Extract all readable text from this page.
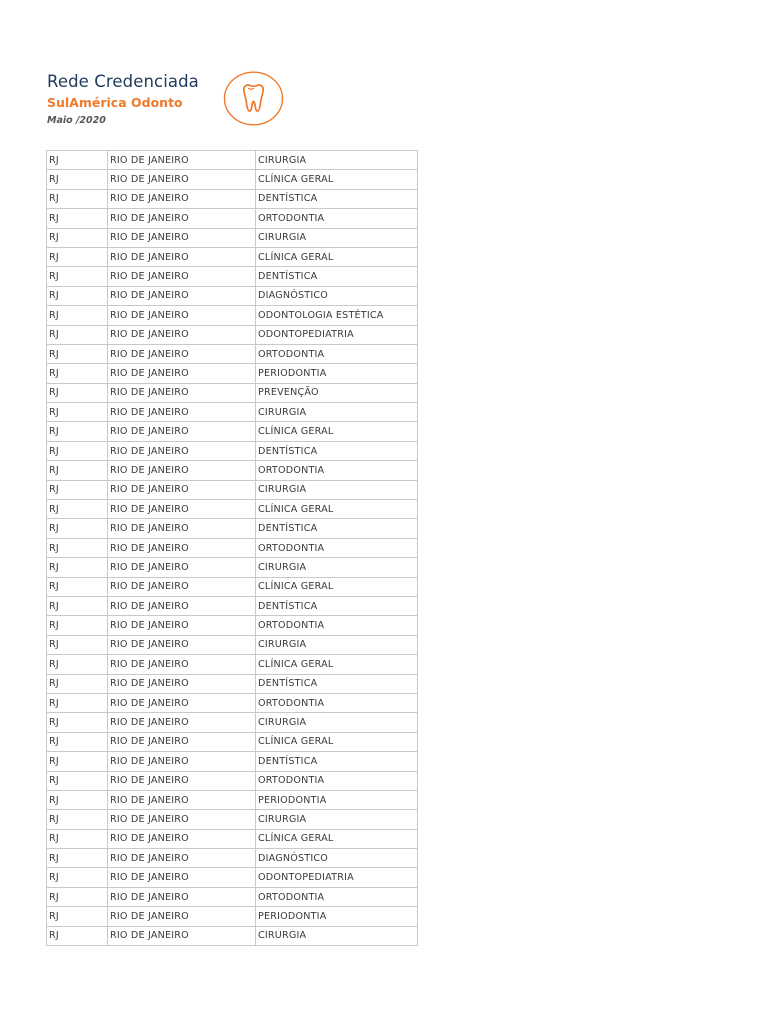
Rede Credenciada
SulAmérica Odonto
Maio /2020
RJ	RIO DE JANEIRO	CIRURGIA
RJ	RIO DE JANEIRO	CLÍNICA GERAL
RJ	RIO DE JANEIRO	DENTÍSTICA
RJ	RIO DE JANEIRO	ORTODONTIA
RJ	RIO DE JANEIRO	CIRURGIA
RJ	RIO DE JANEIRO	CLÍNICA GERAL
RJ	RIO DE JANEIRO	DENTÍSTICA
RJ	RIO DE JANEIRO	DIAGNÓSTICO
RJ	RIO DE JANEIRO	ODONTOLOGIA ESTÉTICA
RJ	RIO DE JANEIRO	ODONTOPEDIATRIA
RJ	RIO DE JANEIRO	ORTODONTIA
RJ	RIO DE JANEIRO	PERIODONTIA
RJ	RIO DE JANEIRO	PREVENÇÃO
RJ	RIO DE JANEIRO	CIRURGIA
RJ	RIO DE JANEIRO	CLÍNICA GERAL
RJ	RIO DE JANEIRO	DENTÍSTICA
RJ	RIO DE JANEIRO	ORTODONTIA
RJ	RIO DE JANEIRO	CIRURGIA
RJ	RIO DE JANEIRO	CLÍNICA GERAL
RJ	RIO DE JANEIRO	DENTÍSTICA
RJ	RIO DE JANEIRO	ORTODONTIA
RJ	RIO DE JANEIRO	CIRURGIA
RJ	RIO DE JANEIRO	CLÍNICA GERAL
RJ	RIO DE JANEIRO	DENTÍSTICA
RJ	RIO DE JANEIRO	ORTODONTIA
RJ	RIO DE JANEIRO	CIRURGIA
RJ	RIO DE JANEIRO	CLÍNICA GERAL
RJ	RIO DE JANEIRO	DENTÍSTICA
RJ	RIO DE JANEIRO	ORTODONTIA
RJ	RIO DE JANEIRO	CIRURGIA
RJ	RIO DE JANEIRO	CLÍNICA GERAL
RJ	RIO DE JANEIRO	DENTÍSTICA
RJ	RIO DE JANEIRO	ORTODONTIA
RJ	RIO DE JANEIRO	PERIODONTIA
RJ	RIO DE JANEIRO	CIRURGIA
RJ	RIO DE JANEIRO	CLÍNICA GERAL
RJ	RIO DE JANEIRO	DIAGNÓSTICO
RJ	RIO DE JANEIRO	ODONTOPEDIATRIA
RJ	RIO DE JANEIRO	ORTODONTIA
RJ	RIO DE JANEIRO	PERIODONTIA
RJ	RIO DE JANEIRO	CIRURGIA
